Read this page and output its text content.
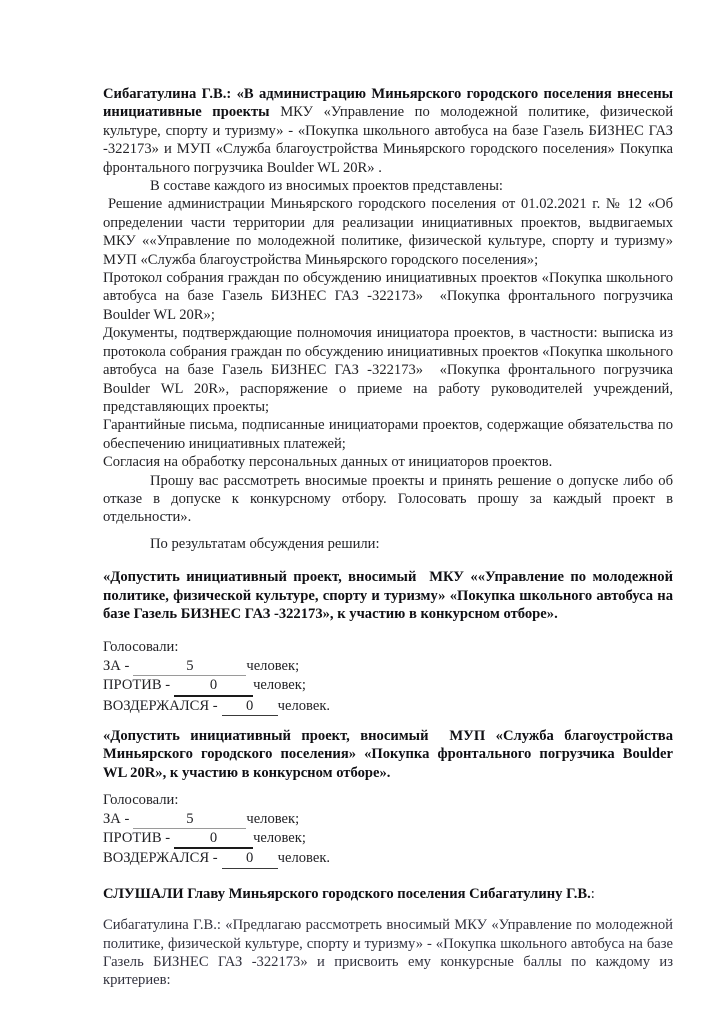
Сибагатулина Г.В.: «В администрацию Миньярского городского поселения внесены инициативные проекты МКУ «Управление по молодежной политике, физической культуре, спорту и туризму» - «Покупка школьного автобуса на базе Газель БИЗНЕС ГАЗ -322173» и МУП «Служба благоустройства Миньярского городского поселения» Покупка фронтального погрузчика Boulder WL 20R» .

В составе каждого из вносимых проектов представлены:

Решение администрации Миньярского городского поселения от 01.02.2021 г. № 12 «Об определении части территории для реализации инициативных проектов, выдвигаемых МКУ ««Управление по молодежной политике, физической культуре, спорту и туризму» МУП «Служба благоустройства Миньярского городского поселения»;

Протокол собрания граждан по обсуждению инициативных проектов «Покупка школьного автобуса на базе Газель БИЗНЕС ГАЗ -322173»  «Покупка фронтального погрузчика Boulder WL 20R»;

Документы, подтверждающие полномочия инициатора проектов, в частности: выписка из протокола собрания граждан по обсуждению инициативных проектов «Покупка школьного автобуса на базе Газель БИЗНЕС ГАЗ -322173»  «Покупка фронтального погрузчика Boulder WL 20R», распоряжение о приеме на работу руководителей учреждений, представляющих проекты;

Гарантийные письма, подписанные инициаторами проектов, содержащие обязательства по обеспечению инициативных платежей;

Согласия на обработку персональных данных от инициаторов проектов.

Прошу вас рассмотреть вносимые проекты и принять решение о допуске либо об отказе в допуске к конкурсному отбору. Голосовать прошу за каждый проект в отдельности».

По результатам обсуждения решили:

«Допустить инициативный проект, вносимый  МКУ ««Управление по молодежной политике, физической культуре, спорту и туризму» «Покупка школьного автобуса на базе Газель БИЗНЕС ГАЗ -322173», к участию в конкурсном отборе».

Голосовали:

ЗА -	5	человек;
ПРОТИВ -	0 человек;
ВОЗДЕРЖАЛСЯ - 0 человек.

«Допустить инициативный проект, вносимый  МУП «Служба благоустройства Миньярского городского поселения» «Покупка фронтального погрузчика Boulder WL 20R», к участию в конкурсном отборе».

Голосовали:

ЗА -	5	человек;
ПРОТИВ -	0 человек;
ВОЗДЕРЖАЛСЯ - 0 человек.

СЛУШАЛИ Главу Миньярского городского поселения Сибагатулину Г.В.:

Сибагатулина Г.В.: «Предлагаю рассмотреть вносимый МКУ «Управление по молодежной политике, физической культуре, спорту и туризму» - «Покупка школьного автобуса на базе Газель БИЗНЕС ГАЗ -322173» и присвоить ему конкурсные баллы по каждому из критериев:
